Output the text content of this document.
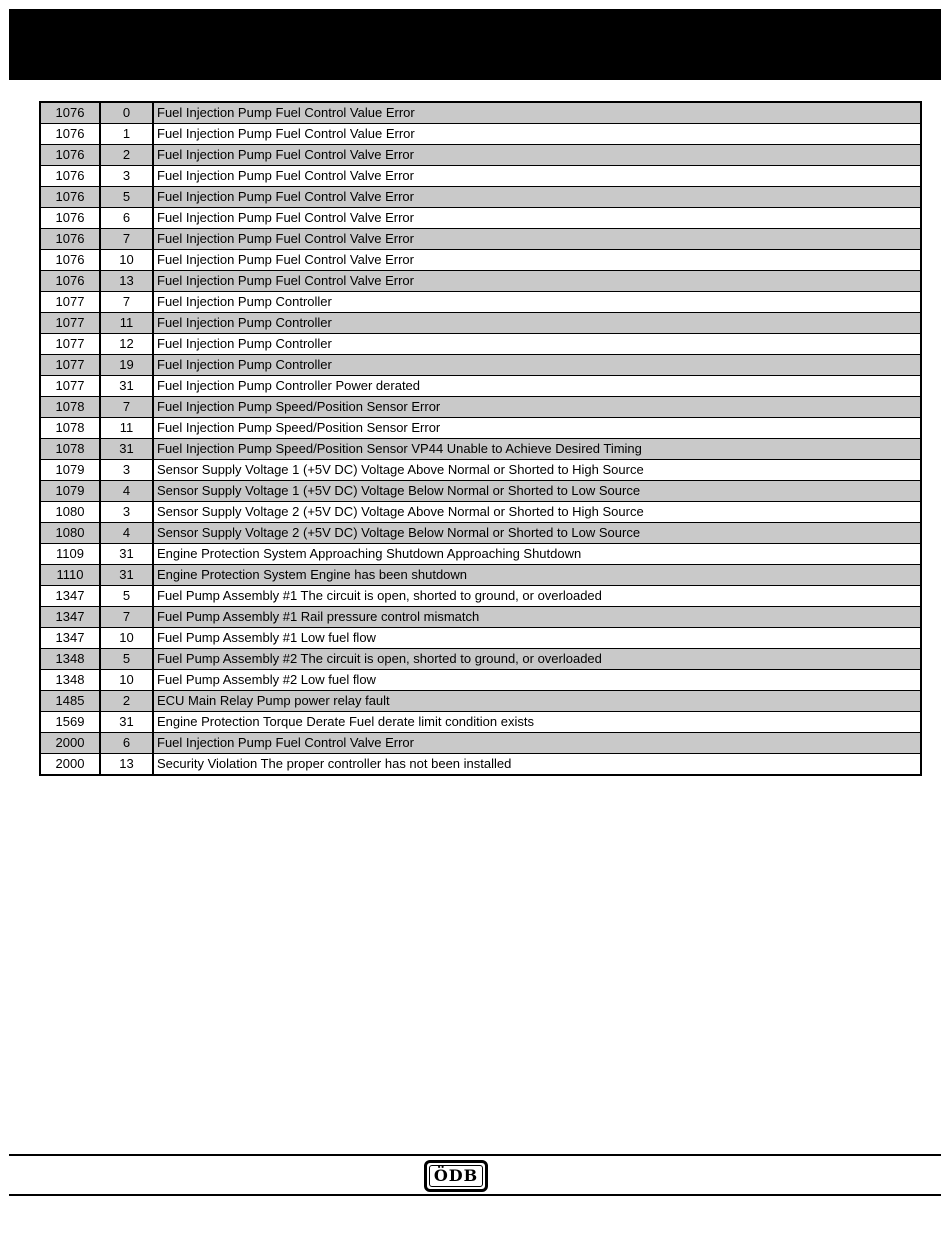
1076	0	Fuel Injection Pump Fuel Control Value Error
1076	1	Fuel Injection Pump Fuel Control Value Error
1076	2	Fuel Injection Pump Fuel Control Valve Error
1076	3	Fuel Injection Pump Fuel Control Valve Error
1076	5	Fuel Injection Pump Fuel Control Valve Error
1076	6	Fuel Injection Pump Fuel Control Valve Error
1076	7	Fuel Injection Pump Fuel Control Valve Error
1076	10	Fuel Injection Pump Fuel Control Valve Error
1076	13	Fuel Injection Pump Fuel Control Valve Error
1077	7	Fuel Injection Pump Controller
1077	11	Fuel Injection Pump Controller
1077	12	Fuel Injection Pump Controller
1077	19	Fuel Injection Pump Controller
1077	31	Fuel Injection Pump Controller Power derated
1078	7	Fuel Injection Pump Speed/Position Sensor Error
1078	11	Fuel Injection Pump Speed/Position Sensor Error
1078	31	Fuel Injection Pump Speed/Position Sensor VP44 Unable to Achieve Desired Timing
1079	3	Sensor Supply Voltage 1 (+5V DC) Voltage Above Normal or Shorted to High Source
1079	4	Sensor Supply Voltage 1 (+5V DC) Voltage Below Normal or Shorted to Low Source
1080	3	Sensor Supply Voltage 2 (+5V DC) Voltage Above Normal or Shorted to High Source
1080	4	Sensor Supply Voltage 2 (+5V DC) Voltage Below Normal or Shorted to Low Source
1109	31	Engine Protection System Approaching Shutdown Approaching Shutdown
1110	31	Engine Protection System Engine has been shutdown
1347	5	Fuel Pump Assembly #1 The circuit is open, shorted to ground, or overloaded
1347	7	Fuel Pump Assembly #1 Rail pressure control mismatch
1347	10	Fuel Pump Assembly #1 Low fuel flow
1348	5	Fuel Pump Assembly #2 The circuit is open, shorted to ground, or overloaded
1348	10	Fuel Pump Assembly #2 Low fuel flow
1485	2	ECU Main Relay Pump power relay fault
1569	31	Engine Protection Torque Derate Fuel derate limit condition exists
2000	6	Fuel Injection Pump Fuel Control Valve Error
2000	13	Security Violation The proper controller has not been installed
ÖDB
